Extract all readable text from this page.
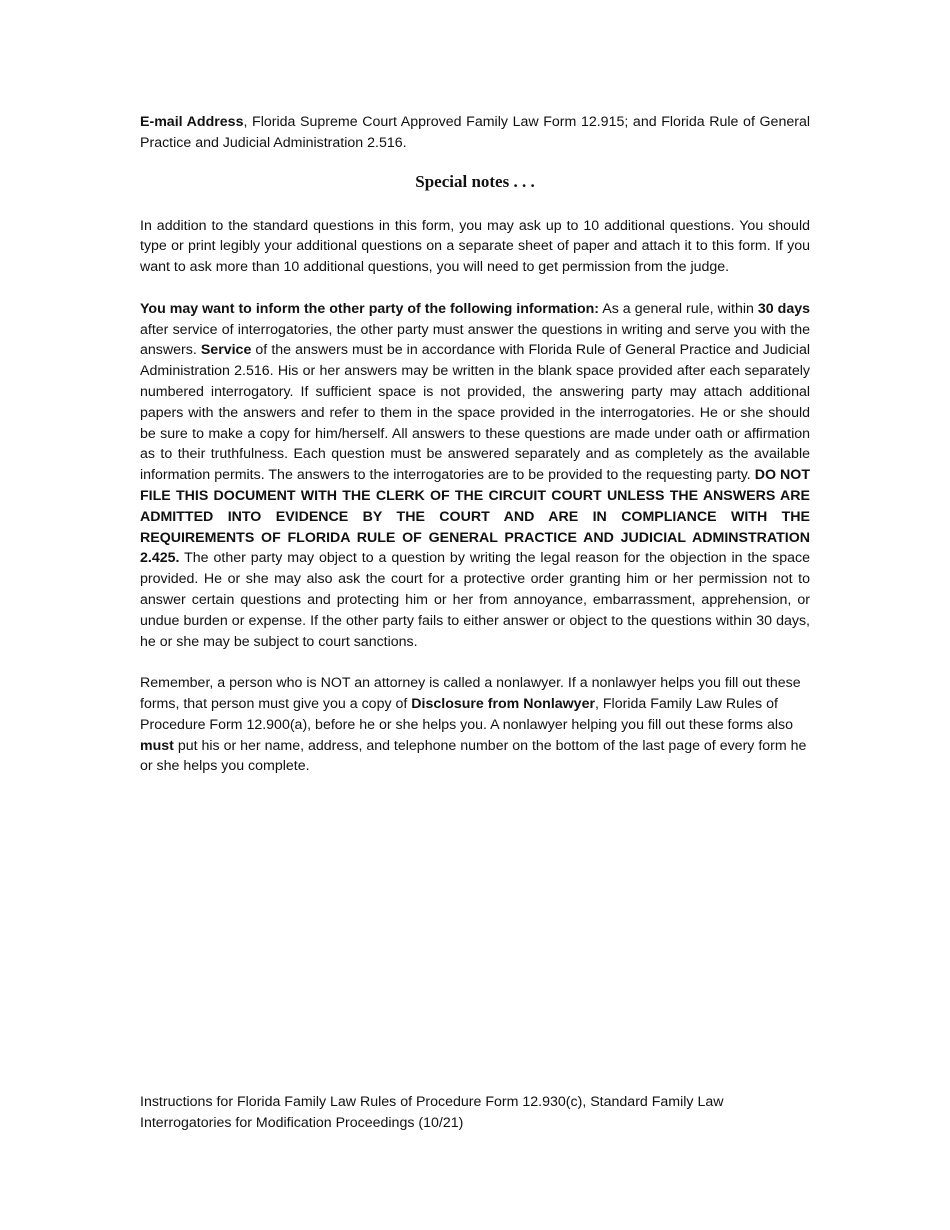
E-mail Address, Florida Supreme Court Approved Family Law Form 12.915; and Florida Rule of General Practice and Judicial Administration 2.516.

Special notes . . .

In addition to the standard questions in this form, you may ask up to 10 additional questions. You should type or print legibly your additional questions on a separate sheet of paper and attach it to this form. If you want to ask more than 10 additional questions, you will need to get permission from the judge.

You may want to inform the other party of the following information: As a general rule, within 30 days after service of interrogatories, the other party must answer the questions in writing and serve you with the answers. Service of the answers must be in accordance with Florida Rule of General Practice and Judicial Administration 2.516. His or her answers may be written in the blank space provided after each separately numbered interrogatory. If sufficient space is not provided, the answering party may attach additional papers with the answers and refer to them in the space provided in the interrogatories. He or she should be sure to make a copy for him/herself. All answers to these questions are made under oath or affirmation as to their truthfulness. Each question must be answered separately and as completely as the available information permits. The answers to the interrogatories are to be provided to the requesting party. DO NOT FILE THIS DOCUMENT WITH THE CLERK OF THE CIRCUIT COURT UNLESS THE ANSWERS ARE ADMITTED INTO EVIDENCE BY THE COURT AND ARE IN COMPLIANCE WITH THE REQUIREMENTS OF FLORIDA RULE OF GENERAL PRACTICE AND JUDICIAL ADMINSTRATION 2.425. The other party may object to a question by writing the legal reason for the objection in the space provided. He or she may also ask the court for a protective order granting him or her permission not to answer certain questions and protecting him or her from annoyance, embarrassment, apprehension, or undue burden or expense. If the other party fails to either answer or object to the questions within 30 days, he or she may be subject to court sanctions.

Remember, a person who is NOT an attorney is called a nonlawyer. If a nonlawyer helps you fill out these forms, that person must give you a copy of Disclosure from Nonlawyer, Florida Family Law Rules of Procedure Form 12.900(a), before he or she helps you. A nonlawyer helping you fill out these forms also must put his or her name, address, and telephone number on the bottom of the last page of every form he or she helps you complete.

Instructions for Florida Family Law Rules of Procedure Form 12.930(c), Standard Family Law
Interrogatories for Modification Proceedings (10/21)
